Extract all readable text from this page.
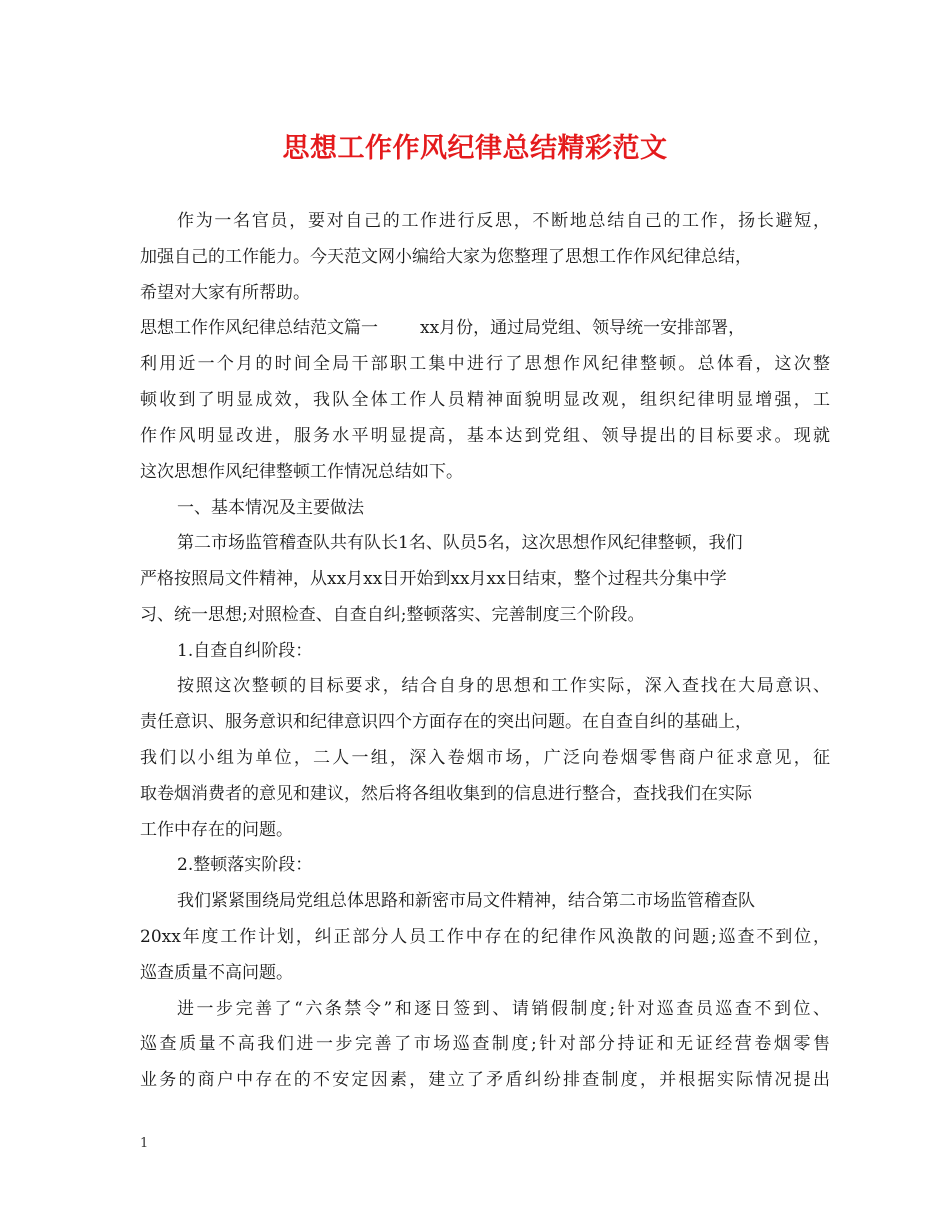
思想工作作风纪律总结精彩范文
作为一名官员，要对自己的工作进行反思，不断地总结自己的工作，扬长避短，
加强自己的工作能力。今天范文网小编给大家为您整理了思想工作作风纪律总结，
希望对大家有所帮助。
思想工作作风纪律总结范文篇一 xx月份，通过局党组、领导统一安排部署，
利用近一个月的时间全局干部职工集中进行了思想作风纪律整顿。总体看，这次整
顿收到了明显成效，我队全体工作人员精神面貌明显改观，组织纪律明显增强，工
作作风明显改进，服务水平明显提高，基本达到党组、领导提出的目标要求。现就
这次思想作风纪律整顿工作情况总结如下。
一、基本情况及主要做法
第二市场监管稽查队共有队长1名、队员5名，这次思想作风纪律整顿，我们
严格按照局文件精神，从xx月xx日开始到xx月xx日结束，整个过程共分集中学
习、统一思想;对照检查、自查自纠;整顿落实、完善制度三个阶段。
1.自查自纠阶段：
按照这次整顿的目标要求，结合自身的思想和工作实际，深入查找在大局意识、
责任意识、服务意识和纪律意识四个方面存在的突出问题。在自查自纠的基础上，
我们以小组为单位，二人一组，深入卷烟市场，广泛向卷烟零售商户征求意见，征
取卷烟消费者的意见和建议，然后将各组收集到的信息进行整合，查找我们在实际
工作中存在的问题。
2.整顿落实阶段：
我们紧紧围绕局党组总体思路和新密市局文件精神，结合第二市场监管稽查队
20xx年度工作计划，纠正部分人员工作中存在的纪律作风涣散的问题;巡查不到位，
巡查质量不高问题。
进一步完善了“六条禁令”和逐日签到、请销假制度;针对巡查员巡查不到位、
巡查质量不高我们进一步完善了市场巡查制度;针对部分持证和无证经营卷烟零售
业务的商户中存在的不安定因素，建立了矛盾纠纷排查制度，并根据实际情况提出
1
